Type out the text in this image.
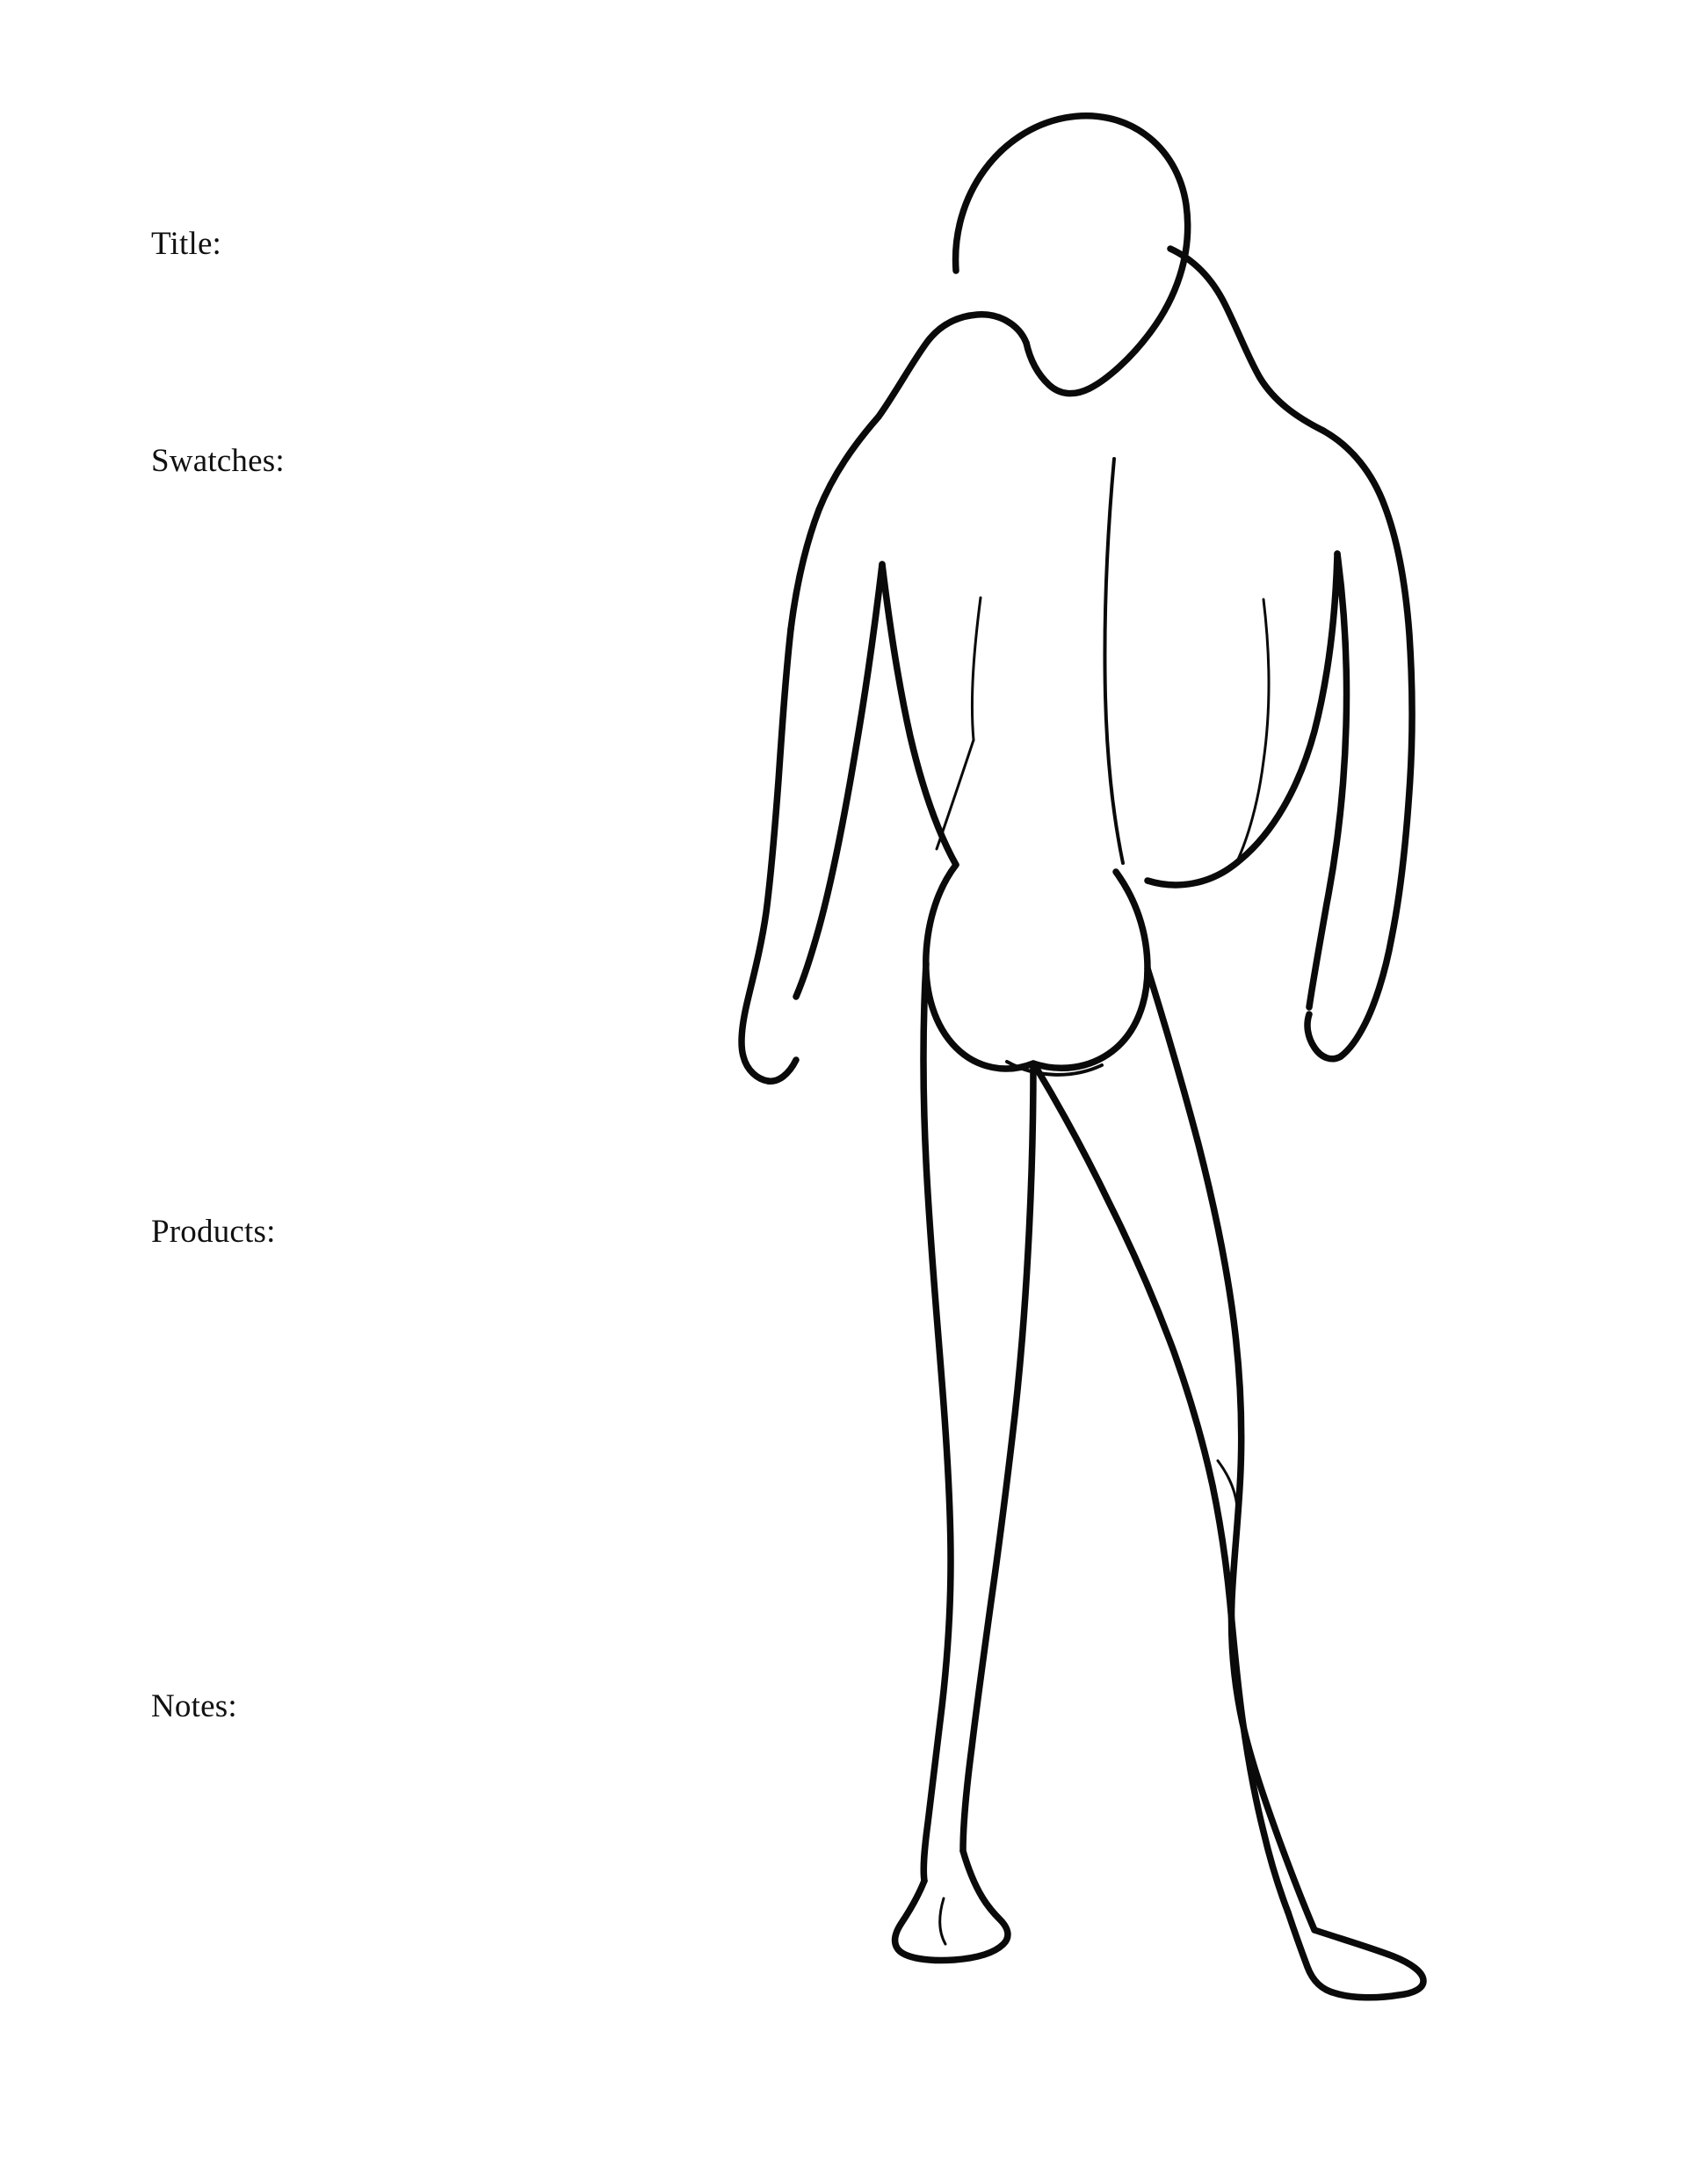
Title:
Swatches:
Products:
Notes:
